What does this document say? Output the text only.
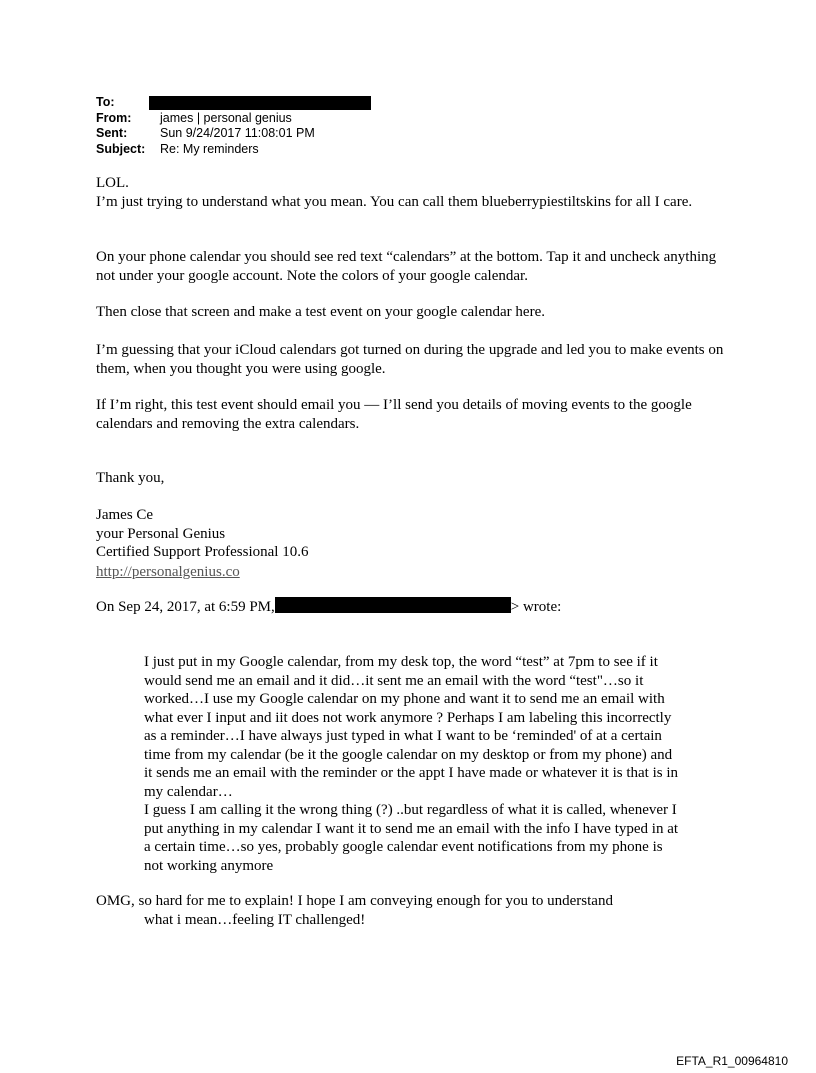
To:
From:	james | personal genius
Sent:	Sun 9/24/2017 11:08:01 PM
Subject:	Re: My reminders

LOL.

I’m just trying to understand what you mean. You can call them blueberrypiestiltskins for all I care.

On your phone calendar you should see red text “calendars” at the bottom. Tap it and uncheck anything not under your google account. Note the colors of your google calendar.
Then close that screen and make a test event on your google calendar here.
I’m guessing that your iCloud calendars got turned on during the upgrade and led you to make events on them, when you thought you were using google.
If I’m right, this test event should email you — I’ll send you details of moving events to the google calendars and removing the extra calendars.
Thank you,

James Ce

your Personal Genius

Certified Support Professional 10.6

http://personalgenius.co

On Sep 24, 2017, at 6:59 PM,	> wrote:

I just put in my Google calendar, from my desk top, the word “test” at 7pm to see if it would send me an email and it did…it sent me an email with the word “test"…so it worked…I use my Google calendar on my phone and want it to send me an email with what ever I input and iit does not work anymore ? Perhaps I am labeling this incorrectly as a reminder…I have always just typed in what I want to be ‘reminded' of at a certain time from my calendar (be it the google calendar on my desktop or from my phone) and it sends me an email with the reminder or the appt I have made or whatever it is that is in my calendar…

I guess I am calling it the wrong thing (?) ..but regardless of what it is called, whenever I put anything in my calendar I want it to send me an email with the info I have typed in at a certain time…so yes, probably google calendar event notifications from my phone is not working anymore

OMG, so hard for me to explain! I hope I am conveying enough for you to understand
what i mean…feeling IT challenged!
EFTA_R1_00964810
